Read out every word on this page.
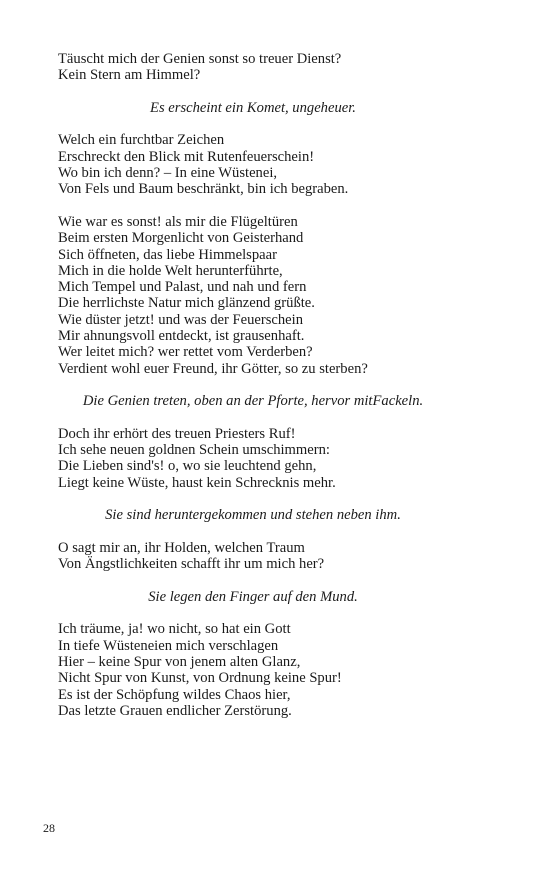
Täuscht mich der Genien sonst so treuer Dienst?
Kein Stern am Himmel?
Es erscheint ein Komet, ungeheuer.
Welch ein furchtbar Zeichen
Erschreckt den Blick mit Rutenfeuerschein!
Wo bin ich denn? – In eine Wüstenei,
Von Fels und Baum beschränkt, bin ich begraben.
Wie war es sonst! als mir die Flügeltüren
Beim ersten Morgenlicht von Geisterhand
Sich öffneten, das liebe Himmelspaar
Mich in die holde Welt herunterführte,
Mich Tempel und Palast, und nah und fern
Die herrlichste Natur mich glänzend grüßte.
Wie düster jetzt! und was der Feuerschein
Mir ahnungsvoll entdeckt, ist grausenhaft.
Wer leitet mich? wer rettet vom Verderben?
Verdient wohl euer Freund, ihr Götter, so zu sterben?
Die Genien treten, oben an der Pforte, hervor mitFackeln.
Doch ihr erhört des treuen Priesters Ruf!
Ich sehe neuen goldnen Schein umschimmern:
Die Lieben sind's! o, wo sie leuchtend gehn,
Liegt keine Wüste, haust kein Schrecknis mehr.
Sie sind heruntergekommen und stehen neben ihm.
O sagt mir an, ihr Holden, welchen Traum
Von Ängstlichkeiten schafft ihr um mich her?
Sie legen den Finger auf den Mund.
Ich träume, ja! wo nicht, so hat ein Gott
In tiefe Wüsteneien mich verschlagen
Hier – keine Spur von jenem alten Glanz,
Nicht Spur von Kunst, von Ordnung keine Spur!
Es ist der Schöpfung wildes Chaos hier,
Das letzte Grauen endlicher Zerstörung.
28
